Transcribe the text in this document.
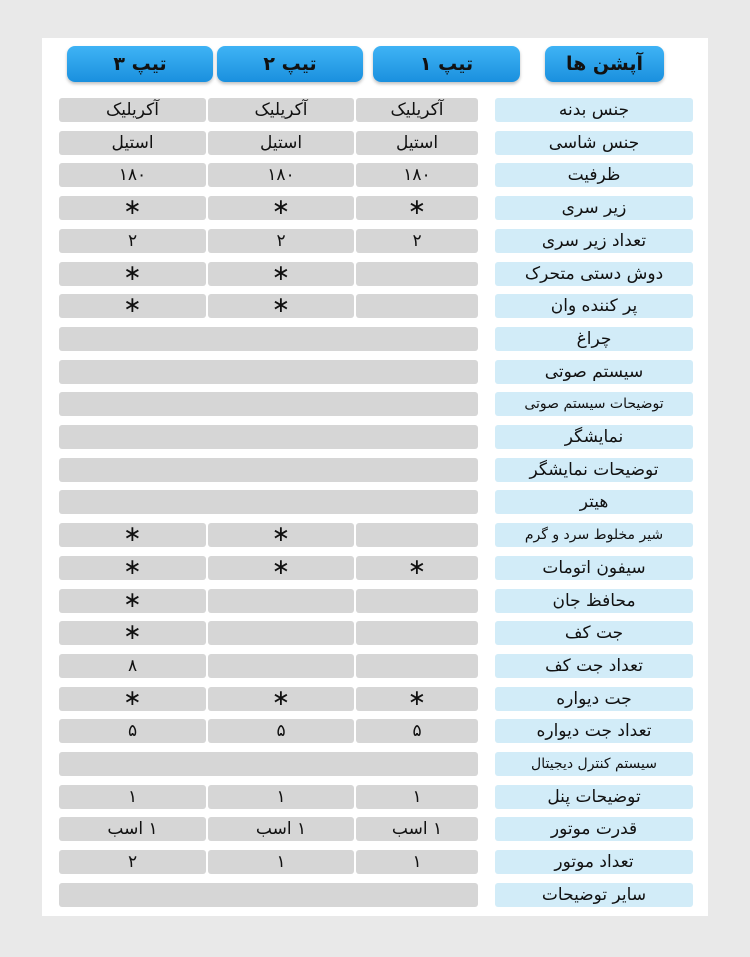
آپشن ها
تیپ ۱
تیپ ۲
تیپ ۳
جنس بدنه
آکریلیک
آکریلیک
آکریلیک
جنس شاسی
استیل
استیل
استیل
ظرفیت
۱۸۰
۱۸۰
۱۸۰
زیر سری
∗
∗
∗
تعداد زیر سری
۲
۲
۲
دوش دستی متحرک
∗
∗
پر کننده وان
∗
∗
چراغ
سیستم صوتی
توضیحات سیستم صوتی
نمایشگر
توضیحات نمایشگر
هیتر
شیر مخلوط سرد و گرم
∗
∗
سیفون اتومات
∗
∗
∗
محافظ جان
∗
جت کف
∗
تعداد جت کف
۸
جت دیواره
∗
∗
∗
تعداد جت دیواره
۵
۵
۵
سیستم کنترل دیجیتال
توضیحات پنل
۱
۱
۱
قدرت موتور
۱ اسب
۱ اسب
۱ اسب
تعداد موتور
۱
۱
۲
سایر توضیحات
